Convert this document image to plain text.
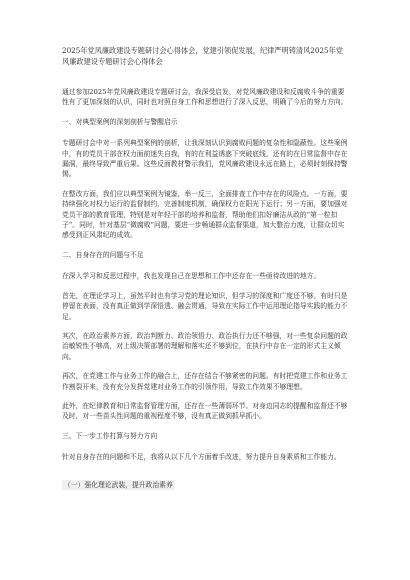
2025年党风廉政建设专题研讨会心得体会，党建引领促发展，纪律严明铸清风2025年党风廉政建设专题研讨会心得体会

通过参加2025年党风廉政建设专题研讨会，我深受启发，对党风廉政建设和反腐败斗争的重要性有了更加深刻的认识，同时也对照自身工作和思想进行了深入反思，明确了今后的努力方向。

一、对典型案例的深刻剖析与警醒启示

专题研讨会中对一系列典型案例的剖析，让我深刻认识到腐败问题的复杂性和隐蔽性。这些案例中，有的党员干部在权力面前迷失自我，有的在利益诱惑下突破底线，还有的在日常监督中存在漏洞，最终导致严重后果。这些反面教材警示我们，党风廉政建设永远在路上，必须时刻保持警惕。

在整改方面，我们应以典型案例为镜鉴，举一反三，全面排查工作中存在的风险点。一方面，要持续强化对权力运行的监督制约，完善制度机制，确保权力在阳光下运行；另一方面，要加强对党员干部的教育管理，特别是对年轻干部的培养和监督，帮助他们扣好廉洁从政的“第一粒扣子”。同时，针对基层“微腐败”问题，要进一步畅通群众监督渠道，加大整治力度，让群众切实感受到正风肃纪的成效。

二、自身存在的问题与不足

在深入学习和反思过程中，我也发现自己在思想和工作中还存在一些亟待改进的地方。

首先，在理论学习上，虽然平时也有学习党的理论知识，但学习的深度和广度还不够。有时只是停留在表面，没有真正做到学深悟透、融会贯通，导致在实际工作中运用理论指导实践的能力不足。

其次，在政治素养方面，政治判断力、政治领悟力、政治执行力还不够强，对一些复杂问题的政治敏锐性不够高，对上级决策部署的理解和落实还不够到位，在执行中存在一定的形式主义倾向。

再次，在党建工作与业务工作的融合上，还存在结合不够紧密的问题。有时把党建工作和业务工作割裂开来，没有充分发挥党建对业务工作的引领作用，导致工作效果不够理想。

此外，在纪律教育和日常监督管理方面，还存在一些薄弱环节。对身边同志的提醒和监督还不够及时，对一些苗头性问题的重视程度不够，没有真正做到抓早抓小。

三、下一步工作打算与努力方向

针对自身存在的问题和不足，我将从以下几个方面着手改进，努力提升自身素质和工作能力。

（一）强化理论武装，提升政治素养
